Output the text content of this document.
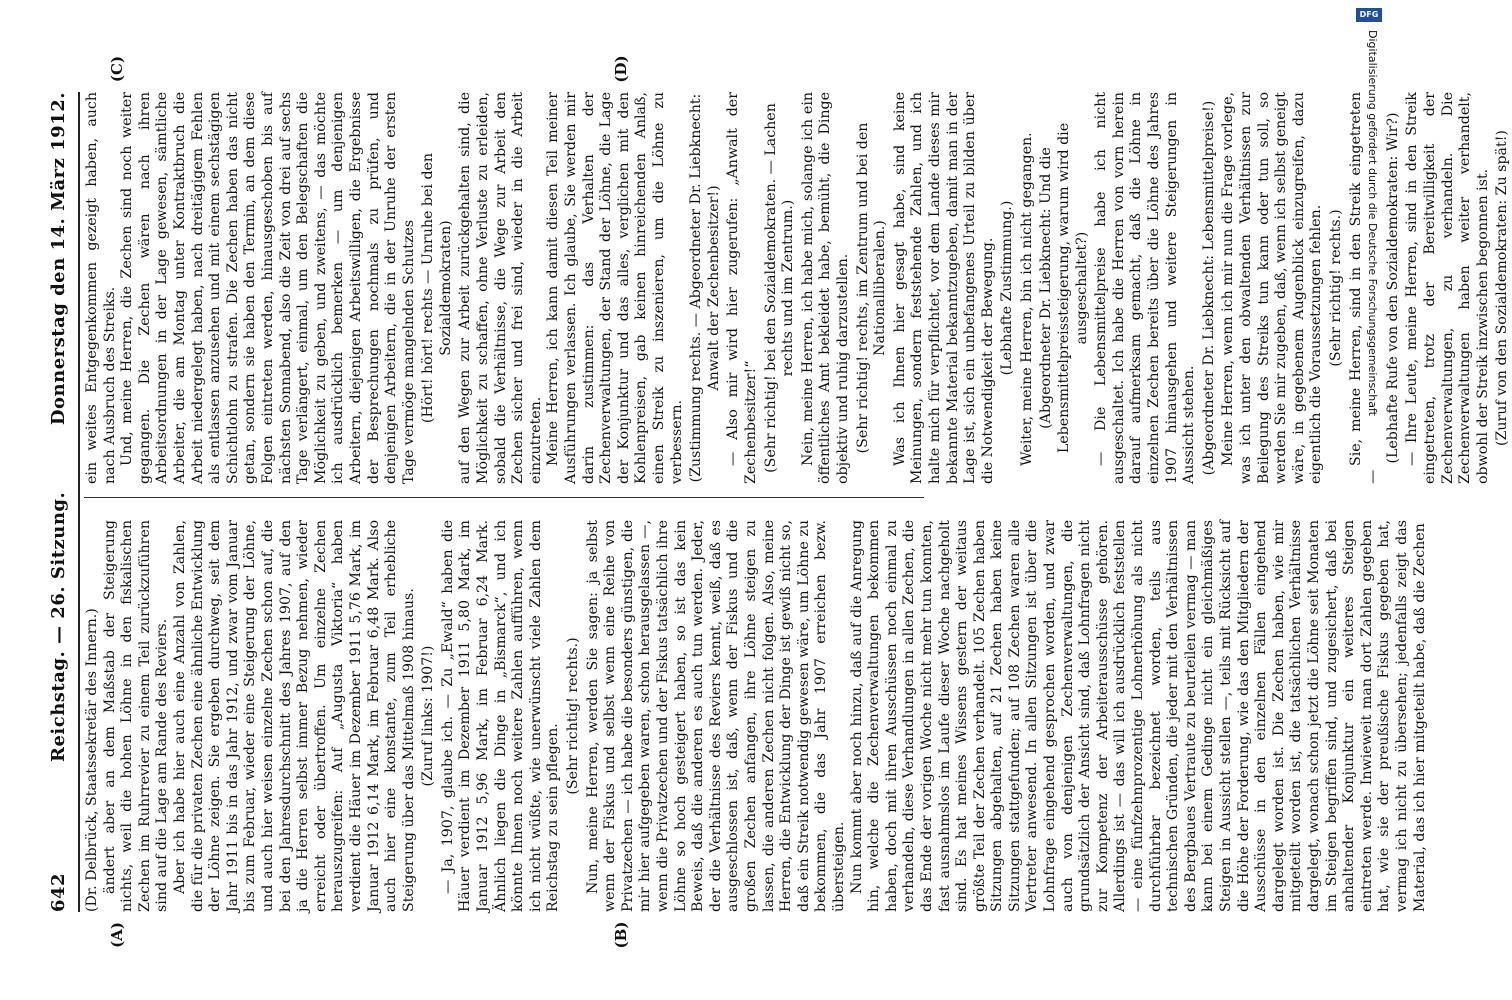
642
Reichstag. — 26. Sitzung.
Donnerstag den 14. März 1912.
(A)	(B)
(C)	(D)

(Dr. Delbrück, Staatssekretär des Innern.) ändert aber an dem Maßstab der Steigerung nichts, weil die hohen Löhne in den fiskalischen Zechen im Ruhrrevier zu einem Teil zurückzuführen sind auf die Lage am Rande des Reviers. Aber ich habe hier auch eine Anzahl von Zahlen, die für die privaten Zechen eine ähnliche Entwicklung der Löhne zeigen. Sie ergeben durchweg, seit dem Jahr 1911 bis in das Jahr 1912, und zwar vom Januar bis zum Februar, wieder eine Steigerung der Löhne, und auch hier weisen einzelne Zechen schon auf, die bei den Jahresdurchschnitt des Jahres 1907, auf den ja die Herren selbst immer Bezug nehmen, wieder erreicht oder übertroffen. Um einzelne Zechen herauszugreifen: Auf „Augusta Viktoria“ haben verdient die Häuer im Dezember 1911 5,76 Mark, im Januar 1912 6,14 Mark, im Februar 6,48 Mark. Also auch hier eine konstante, zum Teil erhebliche Steigerung über das Mittelmaß 1908 hinaus. (Zuruf links: 1907!) — Ja, 1907, glaube ich. — Zu „Ewald“ haben die Häuer verdient im Dezember 1911 5,80 Mark, im Januar 1912 5,96 Mark, im Februar 6,24 Mark. Ähnlich liegen die Dinge in „Bismarck“, und ich könnte Ihnen noch weitere Zahlen aufführen, wenn ich nicht wüßte, wie unerwünscht viele Zahlen dem Reichstag zu sein pflegen.

(Sehr richtig! rechts.) Nun, meine Herren, werden Sie sagen: ja selbst wenn der Fiskus und selbst wenn eine Reihe von Privatzechen — ich habe die besonders günstigen, die mir hier aufgegeben waren, schon herausgelassen —, wenn die Privatzechen und der Fiskus tatsächlich ihre Löhne so hoch gesteigert haben, so ist das kein Beweis, daß die anderen es auch tun werden. Jeder, der die Verhältnisse des Reviers kennt, weiß, daß es ausgeschlossen ist, daß, wenn der Fiskus und die großen Zechen anfangen, ihre Löhne steigen zu lassen, die anderen Zechen nicht folgen. Also, meine Herren, die Entwicklung der Dinge ist gewiß nicht so, daß ein Streik notwendig gewesen wäre, um Löhne zu bekommen, die das Jahr 1907 erreichen bezw. übersteigen. Nun kommt aber noch hinzu, daß auf die Anregung hin, welche die Zechenverwaltungen bekommen haben, doch mit ihren Ausschüssen noch einmal zu verhandeln, diese Verhandlungen in allen Zechen, die das Ende der vorigen Woche nicht mehr tun konnten, fast ausnahmslos im Laufe dieser Woche nachgeholt sind. Es hat meines Wissens gestern der weitaus größte Teil der Zechen verhandelt. 105 Zechen haben Sitzungen abgehalten, auf 21 Zechen haben keine Sitzungen stattgefunden; auf 108 Zechen waren alle Vertreter anwesend. In allen Sitzungen ist über die Lohnfrage eingehend gesprochen worden, und zwar auch von denjenigen Zechenverwaltungen, die grundsätzlich der Ansicht sind, daß Lohnfragen nicht zur Kompetenz der Arbeiterausschüsse gehören. Allerdings ist — das will ich ausdrücklich feststellen — eine fünfzehnprozentige Lohnerhöhung als nicht durchführbar bezeichnet worden, teils aus technischen Gründen, die jeder mit den Verhältnissen des Bergbaues Vertraute zu beurteilen vermag — man kann bei einem Gedinge nicht ein gleichmäßiges Steigen in Aussicht stellen —, teils mit Rücksicht auf die Höhe der Forderung, wie das den Mitgliedern der Ausschüsse in den einzelnen Fällen eingehend dargelegt worden ist. Die Zechen haben, wie mir mitgeteilt worden ist, die tatsächlichen Verhältnisse dargelegt, wonach schon jetzt die Löhne seit Monaten im Steigen begriffen sind, und zugesichert, daß bei anhaltender Konjunktur ein weiteres Steigen eintreten werde. Inwieweit man dort Zahlen gegeben hat, wie sie der preußische Fiskus gegeben hat, vermag ich nicht zu übersehen; jedenfalls zeigt das Material, das ich hier mitgeteilt habe, daß die Zechen

ein weites Entgegenkommen gezeigt haben, auch nach Ausbruch des Streiks. Und, meine Herren, die Zechen sind noch weiter gegangen. Die Zechen wären nach ihren Arbeitsordnungen in der Lage gewesen, sämtliche Arbeiter, die am Montag unter Kontraktbruch die Arbeit niedergelegt haben, nach dreitägigem Fehlen als entlassen anzusehen und mit einem sechstägigen Schichtlohn zu strafen. Die Zechen haben das nicht getan, sondern sie haben den Termin, an dem diese Folgen eintreten werden, hinausgeschoben bis auf nächsten Sonnabend, also die Zeit von drei auf sechs Tage verlängert, einmal, um den Belegschaften die Möglichkeit zu geben, und zweitens, — das möchte ich ausdrücklich bemerken — um denjenigen Arbeitern, diejenigen Arbeitswilligen, die Ergebnisse der Besprechungen nochmals zu prüfen, und denjenigen Arbeitern, die in der Unruhe der ersten Tage vermöge mangelnden Schutzes (Hört! hört! rechts — Unruhe bei den Sozialdemokraten) auf den Wegen zur Arbeit zurückgehalten sind, die Möglichkeit zu schaffen, ohne Verluste zu erleiden, sobald die Verhältnisse, die Wege zur Arbeit den Zechen sicher und frei sind, wieder in die Arbeit einzutreten. Meine Herren, ich kann damit diesen Teil meiner Ausführungen verlassen. Ich glaube, Sie werden mir darin zustimmen: das Verhalten der Zechenverwaltungen, der Stand der Löhne, die Lage der Konjunktur und das alles, verglichen mit den Kohlenpreisen, gab keinen hinreichenden Anlaß, einen Streik zu inszenieren, um die Löhne zu verbessern. (Zustimmung rechts. — Abgeordneter Dr. Liebknecht: Anwalt der Zechenbesitzer!) — Also mir wird hier zugerufen: „Anwalt der Zechenbesitzer!“ (Sehr richtig! bei den Sozialdemokraten. — Lachen rechts und im Zentrum.) Nein, meine Herren, ich habe mich, solange ich ein öffentliches Amt bekleidet habe, bemüht, die Dinge objektiv und ruhig darzustellen. (Sehr richtig! rechts, im Zentrum und bei den Nationalliberalen.) Was ich Ihnen hier gesagt habe, sind keine Meinungen, sondern feststehende Zahlen, und ich halte mich für verpflichtet, vor dem Lande dieses mir bekannte Material bekanntzugeben, damit man in der Lage ist, sich ein unbefangenes Urteil zu bilden über die Notwendigkeit der Bewegung. (Lebhafte Zustimmung.) Weiter, meine Herren, bin ich nicht gegangen. (Abgeordneter Dr. Liebknecht: Und die Lebensmittelpreissteigerung, warum wird die ausgeschaltet?) — Die Lebensmittelpreise habe ich nicht ausgeschaltet. Ich habe die Herren von vorn herein darauf aufmerksam gemacht, daß die Löhne in einzelnen Zechen bereits über die Löhne des Jahres 1907 hinausgehen und weitere Steigerungen in Aussicht stehen. (Abgeordneter Dr. Liebknecht: Lebensmittelpreise!) Meine Herren, wenn ich mir nun die Frage vorlege, was ich unter den obwaltenden Verhältnissen zur Beilegung des Streiks tun kann oder tun soll, so werden Sie mir zugeben, daß, wenn ich selbst geneigt wäre, in gegebenem Augenblick einzugreifen, dazu eigentlich die Voraussetzungen fehlen. (Sehr richtig! rechts.) Sie, meine Herren, sind in den Streik eingetreten —

(Lebhafte Rufe von den Sozialdemokraten: Wir?) — Ihre Leute, meine Herren, sind in den Streik eingetreten, trotz der Bereitwilligkeit der Zechenverwaltungen, zu verhandeln. Die Zechenverwaltungen haben weiter verhandelt, obwohl der Streik inzwischen begonnen ist. (Zuruf von den Sozialdemokraten: Zu spät!)

DFG
Digitalisierung gefördert durch die Deutsche Forschungsgemeinschaft
